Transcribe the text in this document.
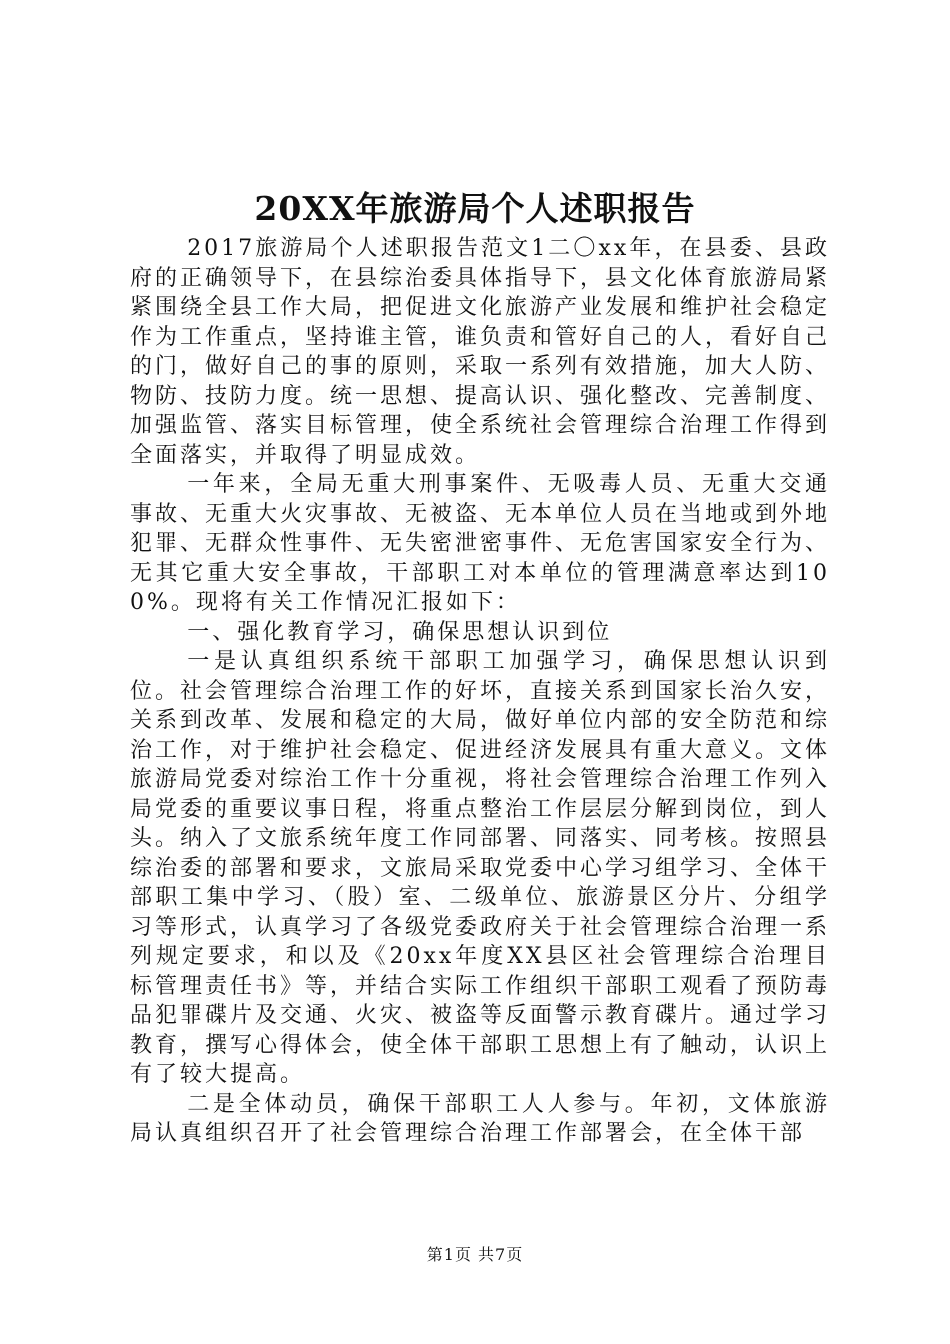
20XX年旅游局个人述职报告

2017旅游局个人述职报告范文1二〇xx年，在县委、县政府的正确领导下，在县综治委具体指导下，县文化体育旅游局紧紧围绕全县工作大局，把促进文化旅游产业发展和维护社会稳定作为工作重点，坚持谁主管，谁负责和管好自己的人，看好自己的门，做好自己的事的原则，采取一系列有效措施，加大人防、物防、技防力度。统一思想、提高认识、强化整改、完善制度、加强监管、落实目标管理，使全系统社会管理综合治理工作得到全面落实，并取得了明显成效。

一年来，全局无重大刑事案件、无吸毒人员、无重大交通事故、无重大火灾事故、无被盗、无本单位人员在当地或到外地犯罪、无群众性事件、无失密泄密事件、无危害国家安全行为、无其它重大安全事故，干部职工对本单位的管理满意率达到100%。现将有关工作情况汇报如下：

一、强化教育学习，确保思想认识到位

一是认真组织系统干部职工加强学习，确保思想认识到位。社会管理综合治理工作的好坏，直接关系到国家长治久安，关系到改革、发展和稳定的大局，做好单位内部的安全防范和综治工作，对于维护社会稳定、促进经济发展具有重大意义。文体旅游局党委对综治工作十分重视，将社会管理综合治理工作列入局党委的重要议事日程，将重点整治工作层层分解到岗位，到人头。纳入了文旅系统年度工作同部署、同落实、同考核。按照县综治委的部署和要求，文旅局采取党委中心学习组学习、全体干部职工集中学习、（股）室、二级单位、旅游景区分片、分组学习等形式，认真学习了各级党委政府关于社会管理综合治理一系列规定要求，和以及《20xx年度XX县区社会管理综合治理目标管理责任书》等，并结合实际工作组织干部职工观看了预防毒品犯罪碟片及交通、火灾、被盗等反面警示教育碟片。通过学习教育，撰写心得体会，使全体干部职工思想上有了触动，认识上有了较大提高。

二是全体动员，确保干部职工人人参与。年初，文体旅游局认真组织召开了社会管理综合治理工作部署会，在全体干部

第1页 共7页
